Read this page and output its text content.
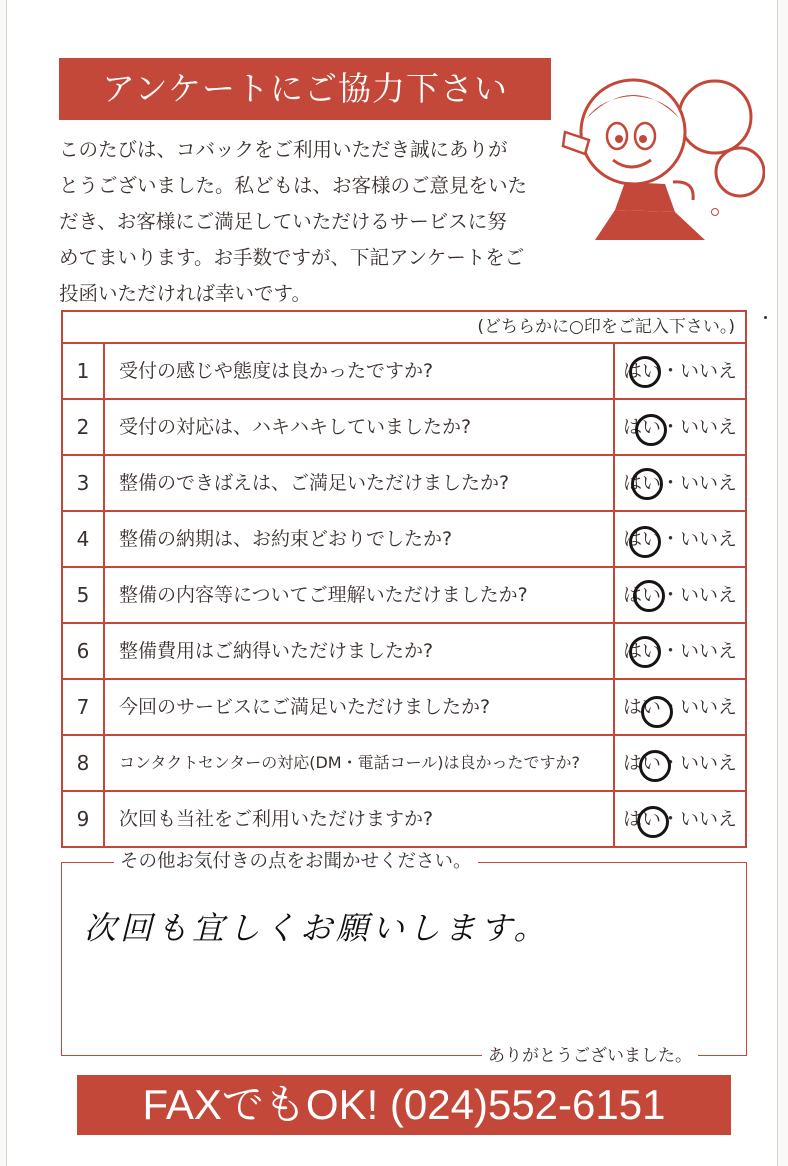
アンケートにご協力下さい

このたびは、コバックをご利用いただき誠にありが

とうございました。私どもは、お客様のご意見をいた

だき、お客様にご満足していただけるサービスに努

めてまいります。お手数ですが、下記アンケートをご

投函いただければ幸いです。

(どちらかに○印をご記入下さい。)
1	受付の感じや態度は良かったですか?	はい・いいえ
2	受付の対応は、ハキハキしていましたか?	はい・いいえ
3	整備のできばえは、ご満足いただけましたか?	はい・いいえ
4	整備の納期は、お約束どおりでしたか?	はい・いいえ
5	整備の内容等についてご理解いただけましたか?	はい・いいえ
6	整備費用はご納得いただけましたか?	はい・いいえ
7	今回のサービスにご満足いただけましたか?	はい・いいえ
8	コンタクトセンターの対応(DM・電話コール)は良かったですか?	はい・いいえ
9	次回も当社をご利用いただけますか?	はい・いいえ
その他お気付きの点をお聞かせください。
次回も宜しくお願いします。
ありがとうございました。
FAXでもOK! (024)552-6151
